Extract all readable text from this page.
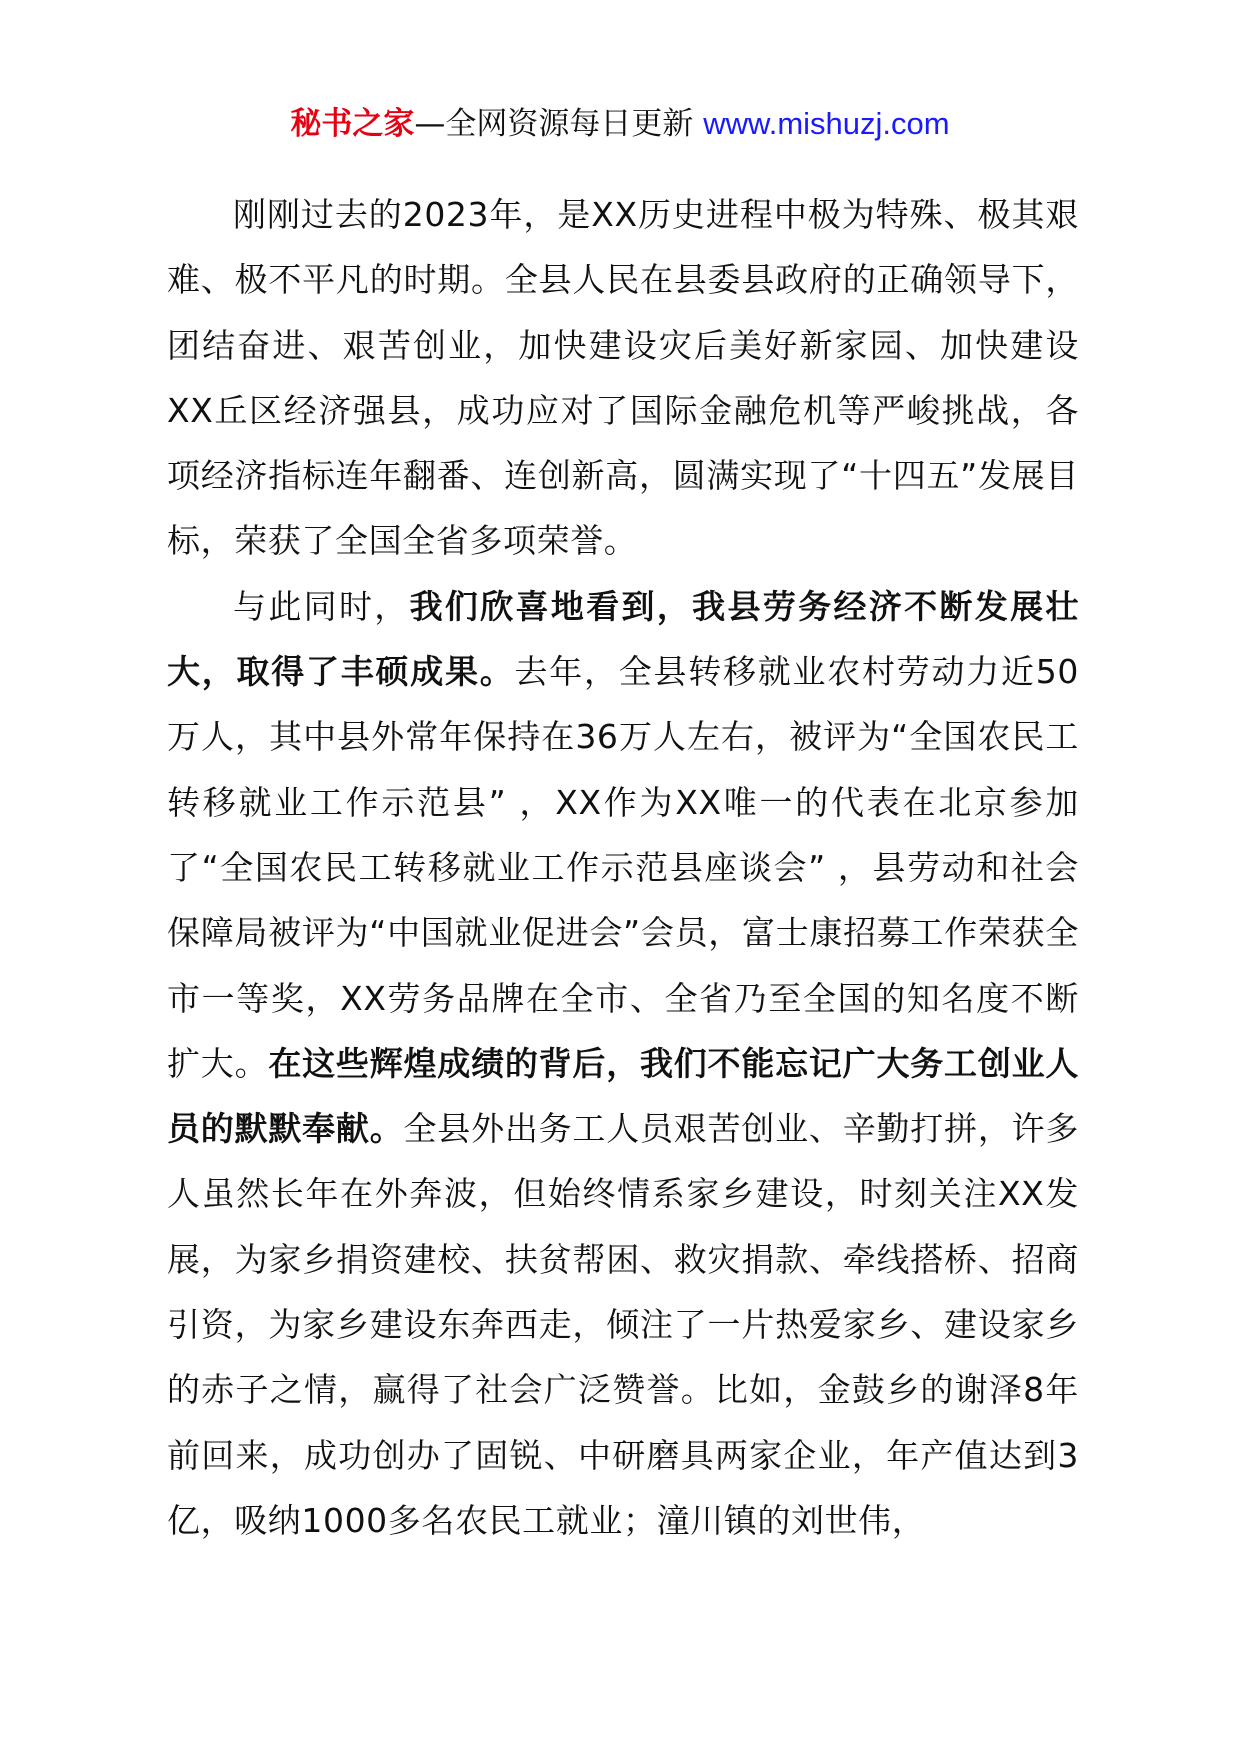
秘书之家—全网资源每日更新 www.mishuzj.com

刚刚过去的2023年，是XX历史进程中极为特殊、极其艰难、极不平凡的时期。全县人民在县委县政府的正确领导下，团结奋进、艰苦创业，加快建设灾后美好新家园、加快建设XX丘区经济强县，成功应对了国际金融危机等严峻挑战，各项经济指标连年翻番、连创新高，圆满实现了“十四五”发展目标，荣获了全国全省多项荣誉。

与此同时，我们欣喜地看到，我县劳务经济不断发展壮大，取得了丰硕成果。去年，全县转移就业农村劳动力近50万人，其中县外常年保持在36万人左右，被评为“全国农民工转移就业工作示范县” ，XX作为XX唯一的代表在北京参加了“全国农民工转移就业工作示范县座谈会” ，县劳动和社会保障局被评为“中国就业促进会”会员，富士康招募工作荣获全市一等奖，XX劳务品牌在全市、全省乃至全国的知名度不断扩大。在这些辉煌成绩的背后，我们不能忘记广大务工创业人员的默默奉献。全县外出务工人员艰苦创业、辛勤打拼，许多人虽然长年在外奔波，但始终情系家乡建设，时刻关注XX发展，为家乡捐资建校、扶贫帮困、救灾捐款、牵线搭桥、招商引资，为家乡建设东奔西走，倾注了一片热爱家乡、建设家乡的赤子之情，赢得了社会广泛赞誉。比如，金鼓乡的谢泽8年前回来，成功创办了固锐、中研磨具两家企业，年产值达到3亿，吸纳1000多名农民工就业；潼川镇的刘世伟，
